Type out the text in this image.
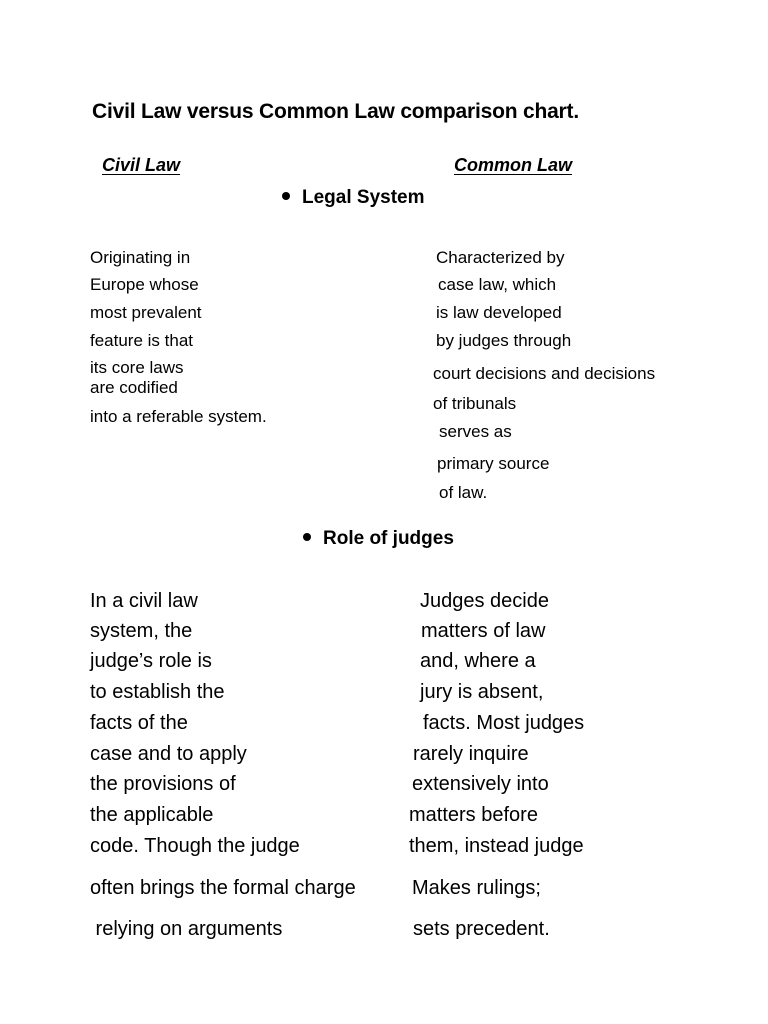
Civil Law versus Common Law comparison chart.
Civil Law	Common Law
Legal System
Originating in
Europe whose
most prevalent
feature is that
its core laws
are codified
into a referable system.
Characterized by
case law, which
is law developed
by judges through
court decisions and decisions
of tribunals
serves as
primary source
of law.
Role of judges
In a civil law
system, the
judge’s role is
to establish the
facts of the
case and to apply
the provisions of
the applicable
code. Though the judge
often brings the formal charge
relying on arguments
Judges decide
matters of law
and, where a
jury is absent,
facts. Most judges
rarely inquire
extensively into
matters before
them, instead judge
Makes rulings;
sets precedent.
